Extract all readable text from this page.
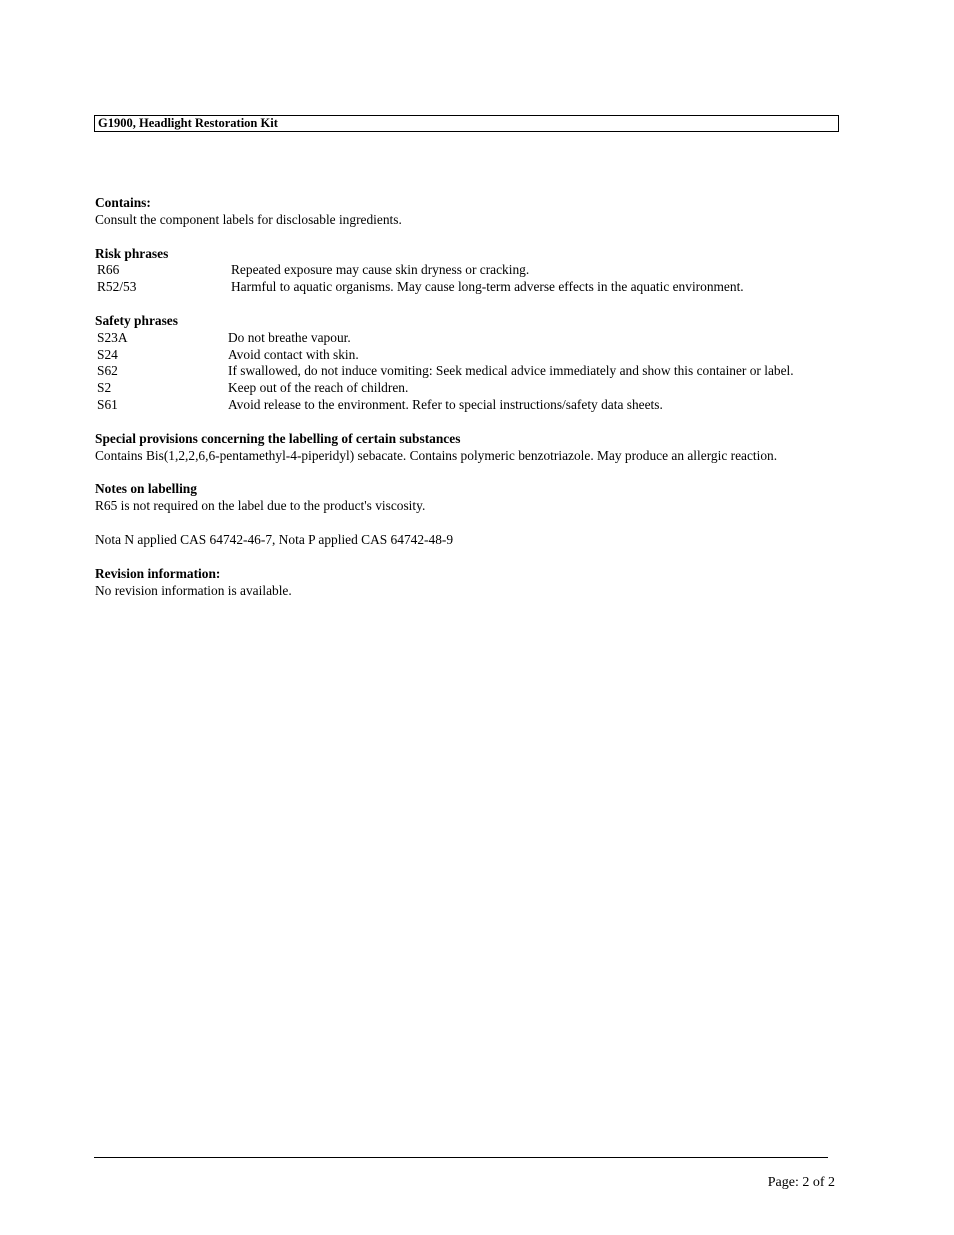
G1900, Headlight Restoration Kit
Contains:
Consult the component labels for disclosable ingredients.
Risk phrases
R66	Repeated exposure may cause skin dryness or cracking.
R52/53	Harmful to aquatic organisms. May cause long-term adverse effects in the aquatic environment.
Safety phrases
S23A	Do not breathe vapour.
S24	Avoid contact with skin.
S62	If swallowed, do not induce vomiting: Seek medical advice immediately and show this container or label.
S2	Keep out of the reach of children.
S61	Avoid release to the environment. Refer to special instructions/safety data sheets.
Special provisions concerning the labelling of certain substances
Contains Bis(1,2,2,6,6-pentamethyl-4-piperidyl) sebacate. Contains polymeric benzotriazole. May produce an allergic reaction.
Notes on labelling
R65 is not required on the label due to the product's viscosity.
Nota N applied CAS 64742-46-7, Nota P applied CAS 64742-48-9
Revision information:
No revision information is available.
Page: 2 of 2
